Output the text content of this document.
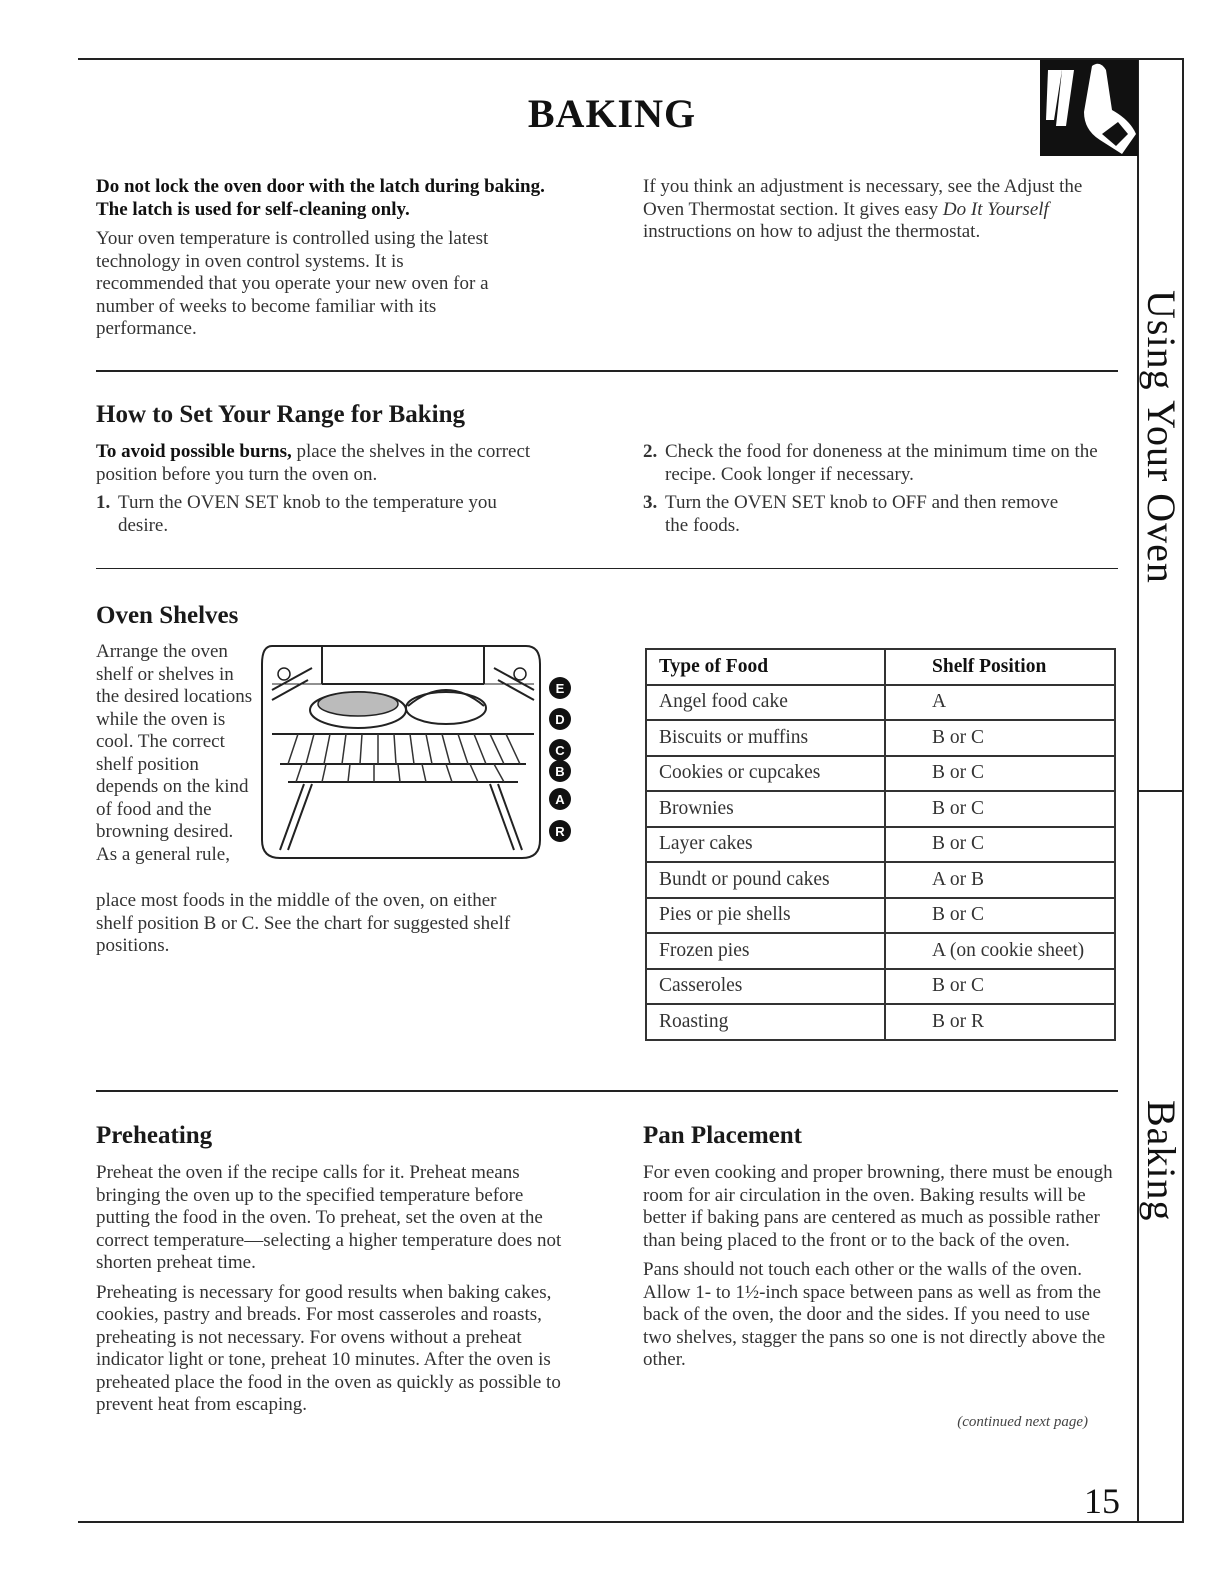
BAKING
Using Your Oven
Baking

Do not lock the oven door with the latch during baking. The latch is used for self-cleaning only.

Your oven temperature is controlled using the latest technology in oven control systems. It is recommended that you operate your new oven for a number of weeks to become familiar with its performance.

If you think an adjustment is necessary, see the Adjust the Oven Thermostat section. It gives easy Do It Yourself instructions on how to adjust the thermostat.
How to Set Your Range for Baking

To avoid possible burns, place the shelves in the correct position before you turn the oven on.

1. Turn the OVEN SET knob to the temperature you desire.
2. Check the food for doneness at the minimum time on the recipe. Cook longer if necessary.
3. Turn the OVEN SET knob to OFF and then remove the foods.
Oven Shelves
Arrange the oven shelf or shelves in the desired locations while the oven is cool. The correct shelf position depends on the kind of food and the browning desired. As a general rule,
place most foods in the middle of the oven, on either shelf position B or C. See the chart for suggested shelf positions.
E
D
C
B
A
R
Type of Food	Shelf Position
Angel food cake	A
Biscuits or muffins	B or C
Cookies or cupcakes	B or C
Brownies	B or C
Layer cakes	B or C
Bundt or pound cakes	A or B
Pies or pie shells	B or C
Frozen pies	A (on cookie sheet)
Casseroles	B or C
Roasting	B or R
Preheating

Preheat the oven if the recipe calls for it. Preheat means bringing the oven up to the specified temperature before putting the food in the oven. To preheat, set the oven at the correct temperature—selecting a higher temperature does not shorten preheat time.

Preheating is necessary for good results when baking cakes, cookies, pastry and breads. For most casseroles and roasts, preheating is not necessary. For ovens without a preheat indicator light or tone, preheat 10 minutes. After the oven is preheated place the food in the oven as quickly as possible to prevent heat from escaping.

Pan Placement

For even cooking and proper browning, there must be enough room for air circulation in the oven. Baking results will be better if baking pans are centered as much as possible rather than being placed to the front or to the back of the oven.

Pans should not touch each other or the walls of the oven. Allow 1- to 1½-inch space between pans as well as from the back of the oven, the door and the sides. If you need to use two shelves, stagger the pans so one is not directly above the other.

(continued next page)
15
